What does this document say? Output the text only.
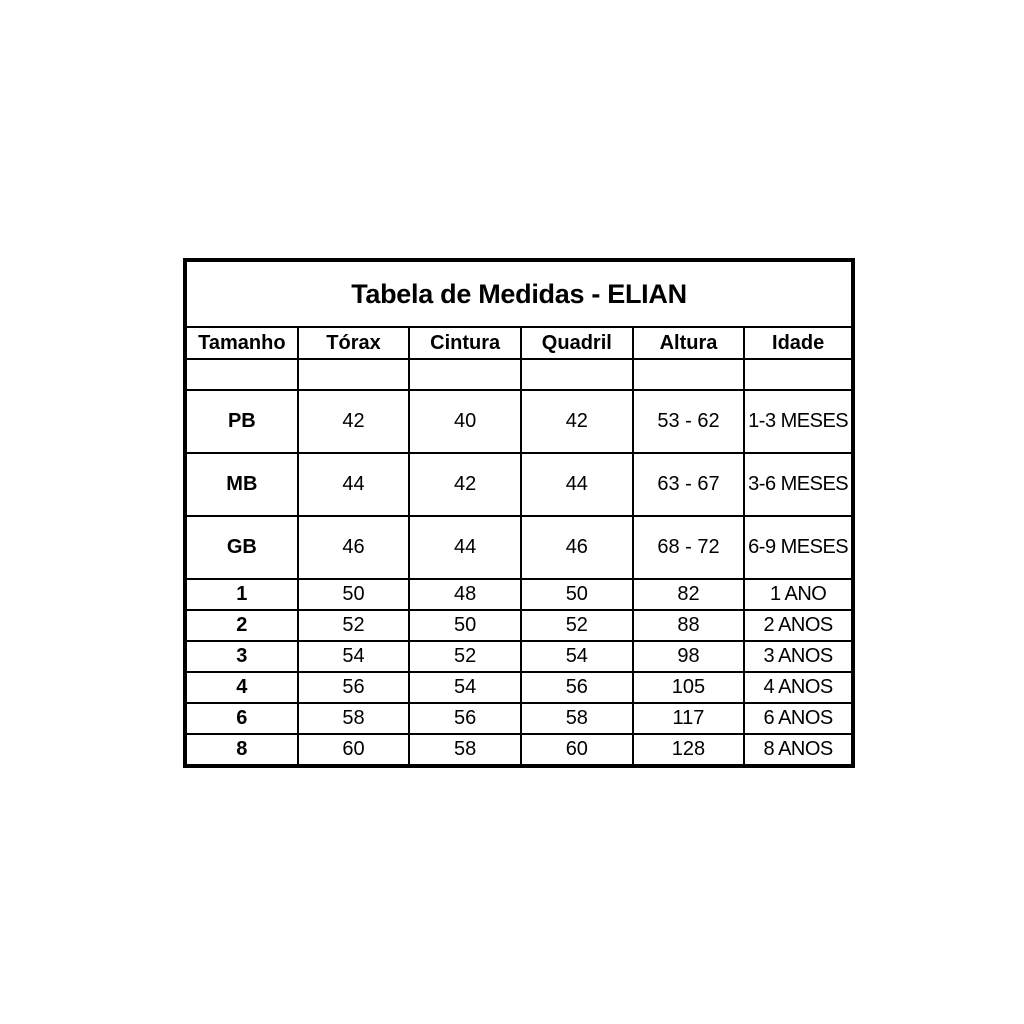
Tabela de Medidas - ELIAN					
Tamanho	Tórax	Cintura	Quadril	Altura	Idade

PB	42	40	42	53 - 62	1-3 MESES
MB	44	42	44	63 - 67	3-6 MESES
GB	46	44	46	68 - 72	6-9 MESES
1	50	48	50	82	1 ANO
2	52	50	52	88	2 ANOS
3	54	52	54	98	3 ANOS
4	56	54	56	105	4 ANOS
6	58	56	58	117	6 ANOS
8	60	58	60	128	8 ANOS
